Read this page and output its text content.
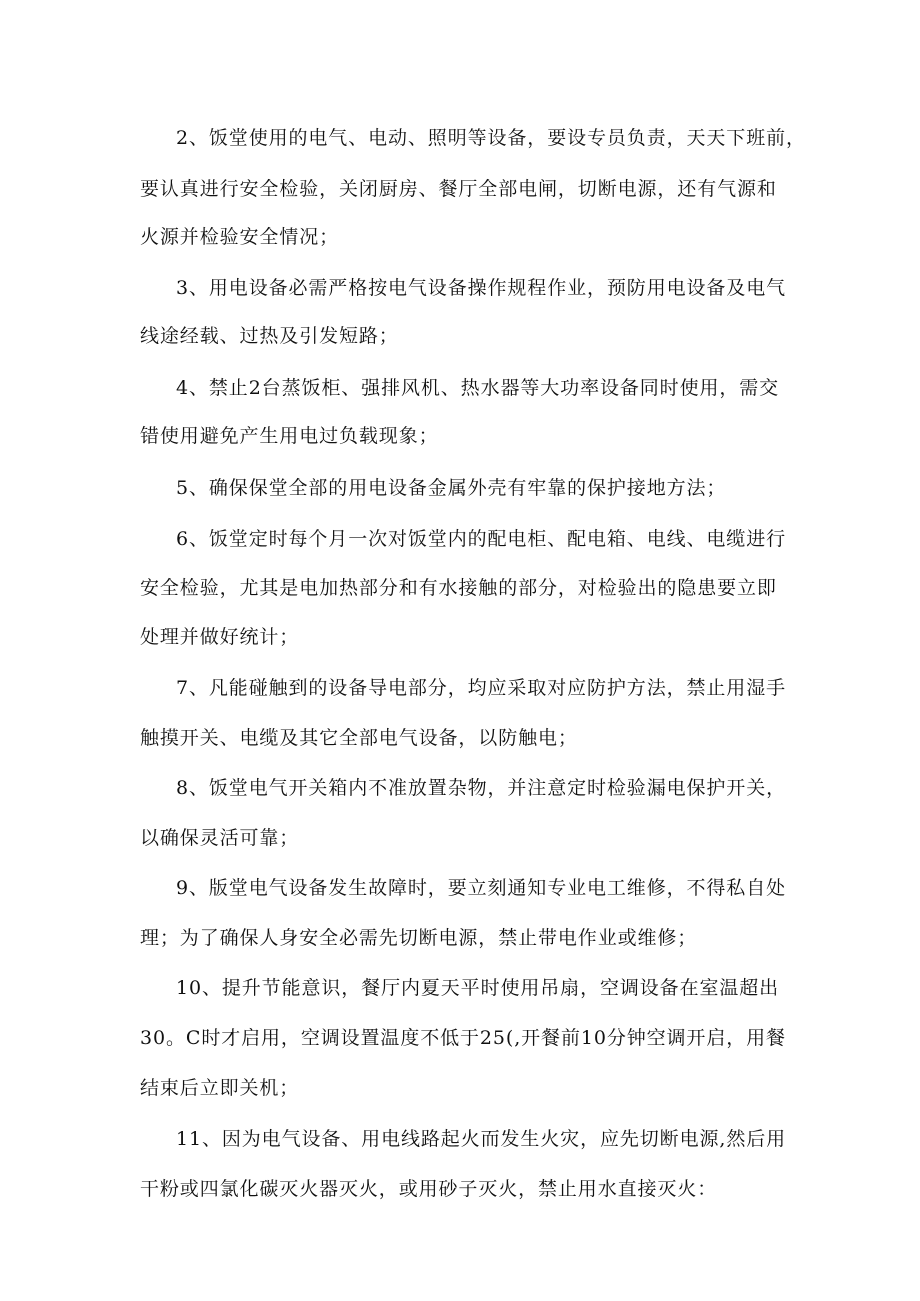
2、饭堂使用的电气、电动、照明等设备，要设专员负责，天天下班前，
要认真进行安全检验，关闭厨房、餐厅全部电闸，切断电源，还有气源和
火源并检验安全情况；
3、用电设备必需严格按电气设备操作规程作业，预防用电设备及电气
线途经载、过热及引发短路；
4、禁止2台蒸饭柜、强排风机、热水器等大功率设备同时使用，需交
错使用避免产生用电过负载现象；
5、确保保堂全部的用电设备金属外壳有牢靠的保护接地方法；
6、饭堂定时每个月一次对饭堂内的配电柜、配电箱、电线、电缆进行
安全检验，尤其是电加热部分和有水接触的部分，对检验出的隐患要立即
处理并做好统计；
7、凡能碰触到的设备导电部分，均应采取对应防护方法，禁止用湿手
触摸开关、电缆及其它全部电气设备，以防触电；
8、饭堂电气开关箱内不准放置杂物，并注意定时检验漏电保护开关，
以确保灵活可靠；
9、版堂电气设备发生故障时，要立刻通知专业电工维修，不得私自处
理；为了确保人身安全必需先切断电源，禁止带电作业或维修；
10、提升节能意识，餐厅内夏天平时使用吊扇，空调设备在室温超出
30。C时才启用，空调设置温度不低于25(,开餐前10分钟空调开启，用餐
结束后立即关机；
11、因为电气设备、用电线路起火而发生火灾，应先切断电源,然后用
干粉或四氯化碳灭火器灭火，或用砂子灭火，禁止用水直接灭火：
